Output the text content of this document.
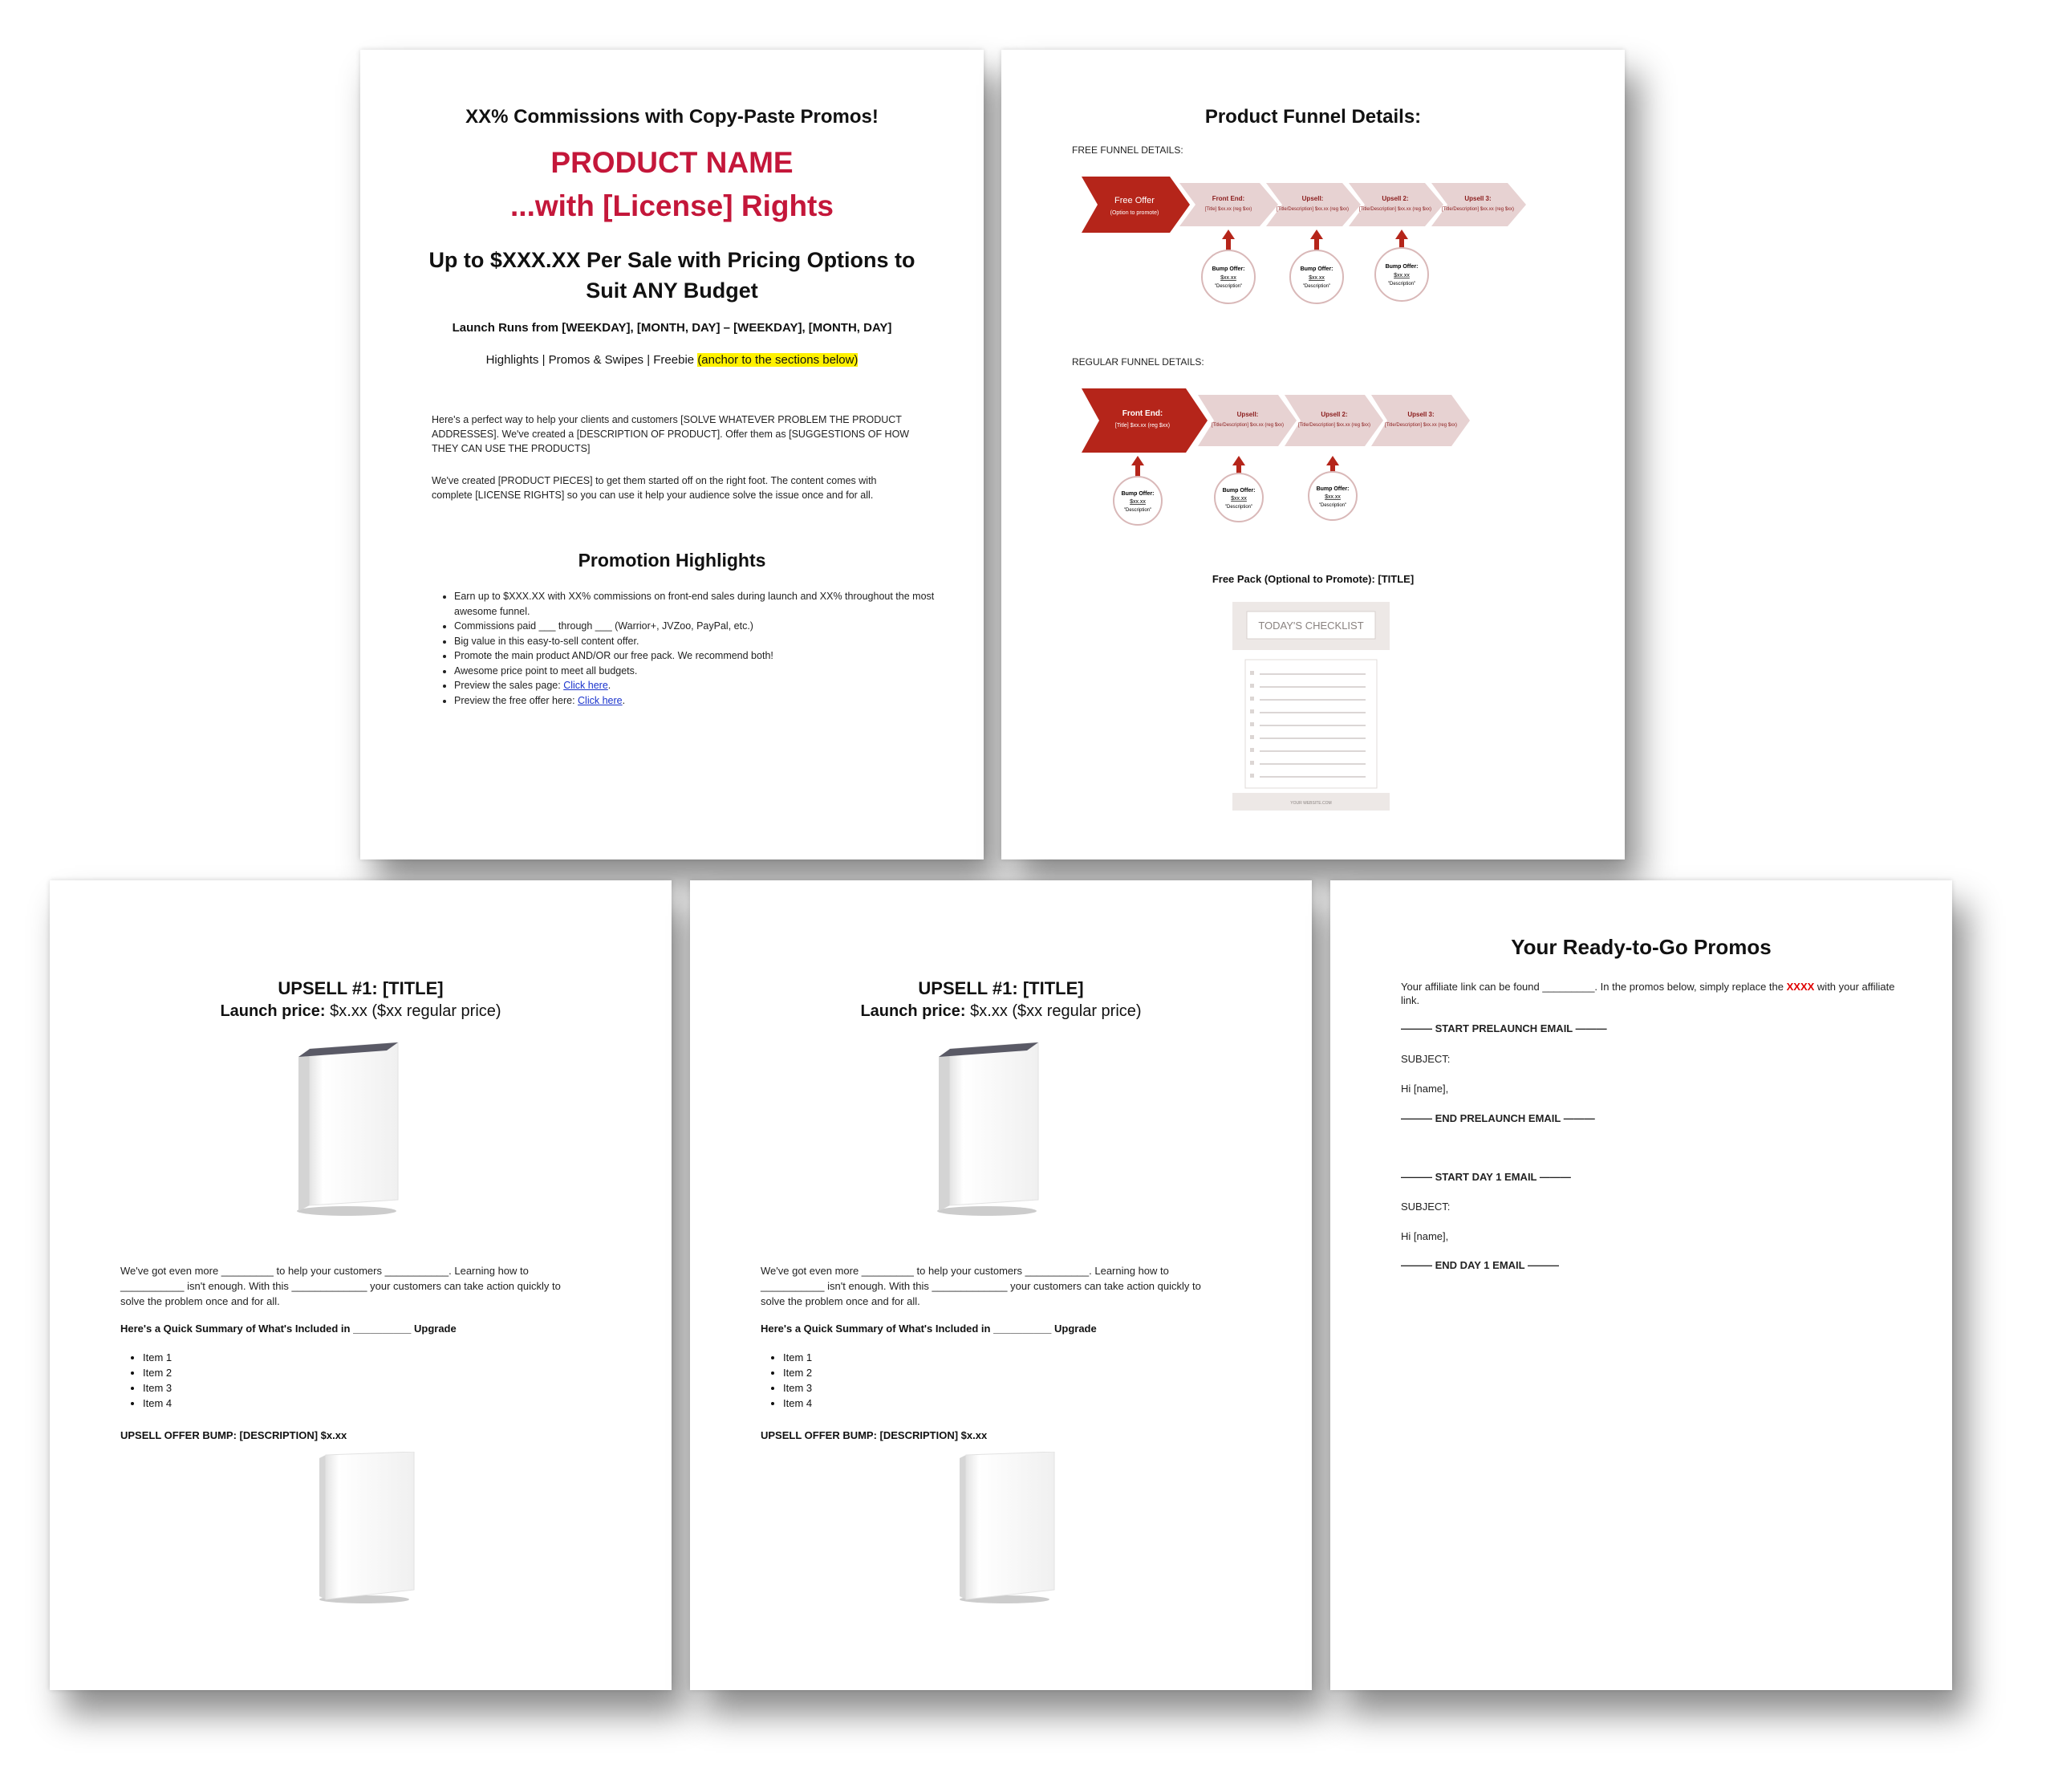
XX% Commissions with Copy-Paste Promos!
PRODUCT NAME
...with [License] Rights
Up to $XXX.XX Per Sale with Pricing Options to Suit ANY Budget
Launch Runs from [WEEKDAY], [MONTH, DAY] – [WEEKDAY], [MONTH, DAY]
Highlights | Promos & Swipes | Freebie (anchor to the sections below)
Here's a perfect way to help your clients and customers [SOLVE WHATEVER PROBLEM THE PRODUCT ADDRESSES]. We've created a [DESCRIPTION OF PRODUCT]. Offer them as [SUGGESTIONS OF HOW THEY CAN USE THE PRODUCTS]
We've created [PRODUCT PIECES] to get them started off on the right foot. The content comes with complete [LICENSE RIGHTS] so you can use it help your audience solve the issue once and for all.
Promotion Highlights
• Earn up to $XXX.XX with XX% commissions on front-end sales during launch and XX% throughout the most awesome funnel.
• Commissions paid ___ through ___ (Warrior+, JVZoo, PayPal, etc.)
• Big value in this easy-to-sell content offer.
• Promote the main product AND/OR our free pack. We recommend both!
• Awesome price point to meet all budgets.
• Preview the sales page: Click here.
• Preview the free offer here: Click here.
Product Funnel Details:
FREE FUNNEL DETAILS:
Free Offer
(Option to promote)
Front End:
[Title] $xx.xx (reg $xx)
Upsell:
[Title/Description] $xx.xx (reg $xx)
Upsell 2:
[Title/Description] $xx.xx (reg $xx)
Upsell 3:
[Title/Description] $xx.xx (reg $xx)
Bump Offer:
$xx.xx
"Description"
Bump Offer:
$xx.xx
"Description"
Bump Offer:
$xx.xx
"Description"
REGULAR FUNNEL DETAILS:
Front End:
[Title] $xx.xx (reg $xx)
Upsell:
[Title/Description] $xx.xx (reg $xx)
Upsell 2:
[Title/Description] $xx.xx (reg $xx)
Upsell 3:
[Title/Description] $xx.xx (reg $xx)
Bump Offer:
$xx.xx
"Description"
Bump Offer:
$xx.xx
"Description"
Bump Offer:
$xx.xx
"Description"
Free Pack (Optional to Promote): [TITLE]
TODAY'S CHECKLIST
YOUR WEBSITE.COM
UPSELL #1: [TITLE]
Launch price: $x.xx ($xx regular price)
We've got even more _________ to help your customers ___________. Learning how to ___________ isn't enough. With this _____________ your customers can take action quickly to solve the problem once and for all.
Here's a Quick Summary of What's Included in __________ Upgrade
• Item 1
• Item 2
• Item 3
• Item 4
UPSELL OFFER BUMP: [DESCRIPTION] $x.xx
UPSELL #1: [TITLE]
Launch price: $x.xx ($xx regular price)
We've got even more _________ to help your customers ___________. Learning how to ___________ isn't enough. With this _____________ your customers can take action quickly to solve the problem once and for all.
Here's a Quick Summary of What's Included in __________ Upgrade
• Item 1
• Item 2
• Item 3
• Item 4
UPSELL OFFER BUMP: [DESCRIPTION] $x.xx
Your Ready-to-Go Promos
Your affiliate link can be found _________. In the promos below, simply replace the XXXX with your affiliate link.
——— START PRELAUNCH EMAIL ———
SUBJECT:
Hi [name],
——— END PRELAUNCH EMAIL ———
——— START DAY 1 EMAIL ———
SUBJECT:
Hi [name],
——— END DAY 1 EMAIL ———
